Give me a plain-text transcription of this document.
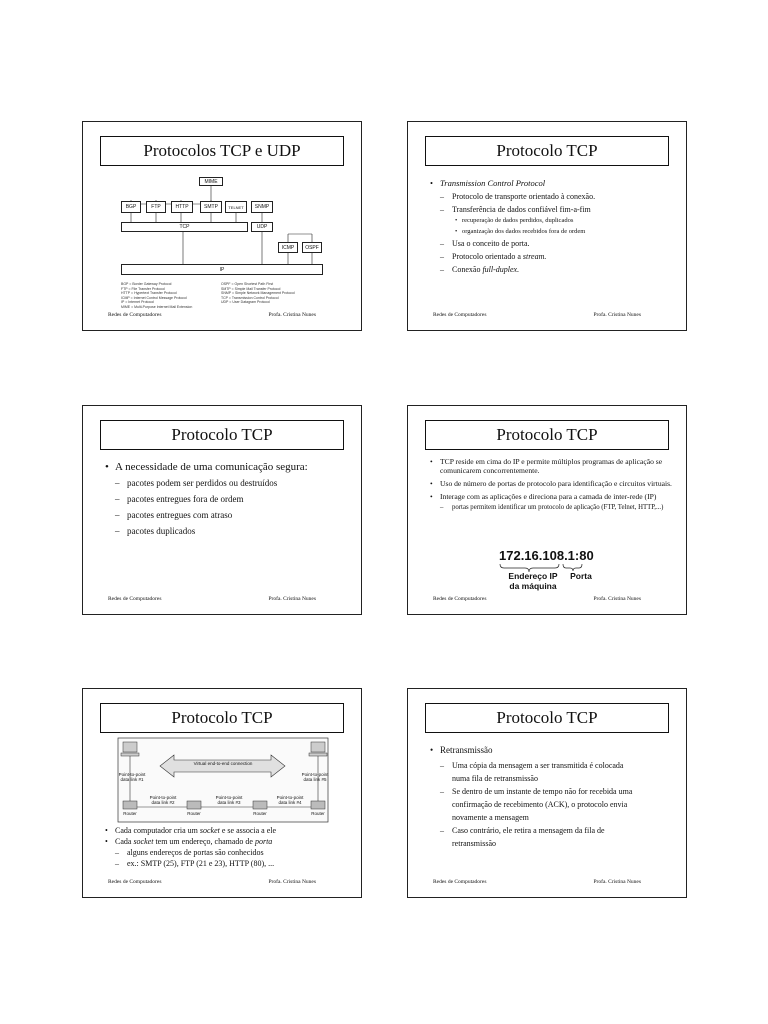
Protocolos TCP e UDP
MIME
BGP	FTP	HTTP	SMTP	TELNET	SNMP
TCP	UDP
ICMP	OSPF
IP
BGP = Border Gateway Protocol
FTP = File Transfer Protocol
HTTP = Hypertext Transfer Protocol
ICMP = Internet Control Message Protocol
IP = Internet Protocol
MIME = Multi-Purpose Internet Mail Extension
OSPF = Open Shortest Path First
SMTP = Simple Mail Transfer Protocol
SNMP = Simple Network Management Protocol
TCP = Transmission Control Protocol
UDP = User Datagram Protocol
Redes de Computadores	Profa. Cristina Nunes
Protocolo TCP
• Transmission Control Protocol
– Protocolo de transporte orientado à conexão.
– Transferência de dados confiável fim-a-fim
• recuperação de dados perdidos, duplicados
• organização dos dados recebidos fora de ordem
– Usa o conceito de porta.
– Protocolo orientado a stream.
– Conexão full-duplex.
Redes de Computadores	Profa. Cristina Nunes
Protocolo TCP
• A necessidade de uma comunicação segura:
– pacotes podem ser perdidos ou destruídos
– pacotes entregues fora de ordem
– pacotes entregues com atraso
– pacotes duplicados
Redes de Computadores	Profa. Cristina Nunes
Protocolo TCP
• TCP reside em cima do IP e permite múltiplos programas de aplicação se comunicarem concorrentemente.
• Uso de número de portas de protocolo para identificação e circuitos virtuais.
• Interage com as aplicações e direciona para a camada de inter-rede (IP)
– portas permitem identificar um protocolo de aplicação (FTP, Telnet, HTTP,...)
172.16.108.1:80
Endereço IP da máquina
Porta
Redes de Computadores	Profa. Cristina Nunes
Protocolo TCP
Virtual end-to-end connection
Point-to-point data link #1
Point-to-point data link #2
Point-to-point data link #3
Point-to-point data link #4
Point-to-point data link #5
Router	Router	Router	Router
• Cada computador cria um socket e se associa a ele
• Cada socket tem um endereço, chamado de porta
– alguns endereços de portas são conhecidos
– ex.: SMTP (25), FTP (21 e 23), HTTP (80), ...
Redes de Computadores	Profa. Cristina Nunes
Protocolo TCP
• Retransmissão
– Uma cópia da mensagem a ser transmitida é colocada numa fila de retransmissão
– Se dentro de um instante de tempo não for recebida uma confirmação de recebimento (ACK), o protocolo envia novamente a mensagem
– Caso contrário, ele retira a mensagem da fila de retransmissão
Redes de Computadores	Profa. Cristina Nunes
